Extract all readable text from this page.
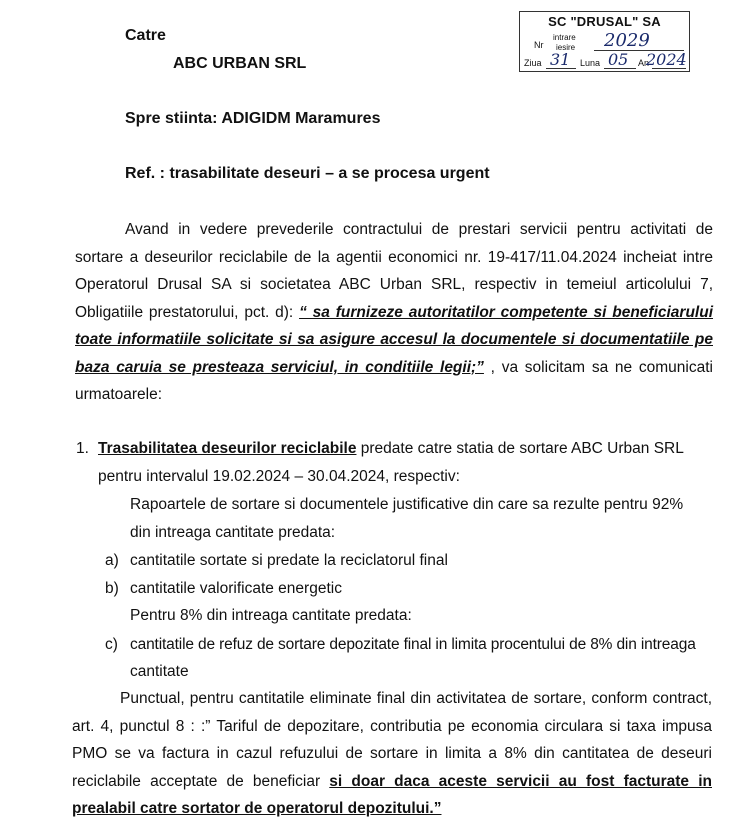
SC "DRUSAL" SA
Nr
intrare
iesire 2029
Ziua 31 Luna 05 An
2024
Catre
ABC URBAN SRL
Spre stiinta: ADIGIDM Maramures
Ref. : trasabilitate deseuri – a se procesa urgent
Avand in vedere prevederile contractului de prestari servicii pentru activitati de sortare a deseurilor reciclabile de la agentii economici nr. 19-417/11.04.2024 incheiat intre Operatorul Drusal SA si societatea ABC Urban SRL, respectiv in temeiul articolului 7, Obligatiile prestatorului, pct. d): “ sa furnizeze autoritatilor competente si beneficiarului toate informatiile solicitate si sa asigure accesul la documentele si documentatiile pe baza caruia se presteaza serviciul, in conditiile legii;” , va solicitam sa ne comunicati urmatoarele:
1. Trasabilitatea deseurilor reciclabile predate catre statia de sortare ABC Urban SRL
pentru intervalul 19.02.2024 – 30.04.2024, respectiv:
Rapoartele de sortare si documentele justificative din care sa rezulte pentru 92%
din intreaga cantitate predata:
a) cantitatile sortate si predate la reciclatorul final
b) cantitatile valorificate energetic
Pentru 8% din intreaga cantitate predata:
c) cantitatile de refuz de sortare depozitate final in limita procentului de 8% din intreaga
cantitate
Punctual, pentru cantitatile eliminate final din activitatea de sortare, conform contract, art. 4, punctul 8 : :” Tariful de depozitare, contributia pe economia circulara si taxa impusa PMO se va factura in cazul refuzului de sortare in limita a 8% din cantitatea de deseuri reciclabile acceptate de beneficiar si doar daca aceste servicii au fost facturate in prealabil catre sortator de operatorul depozitului.”
